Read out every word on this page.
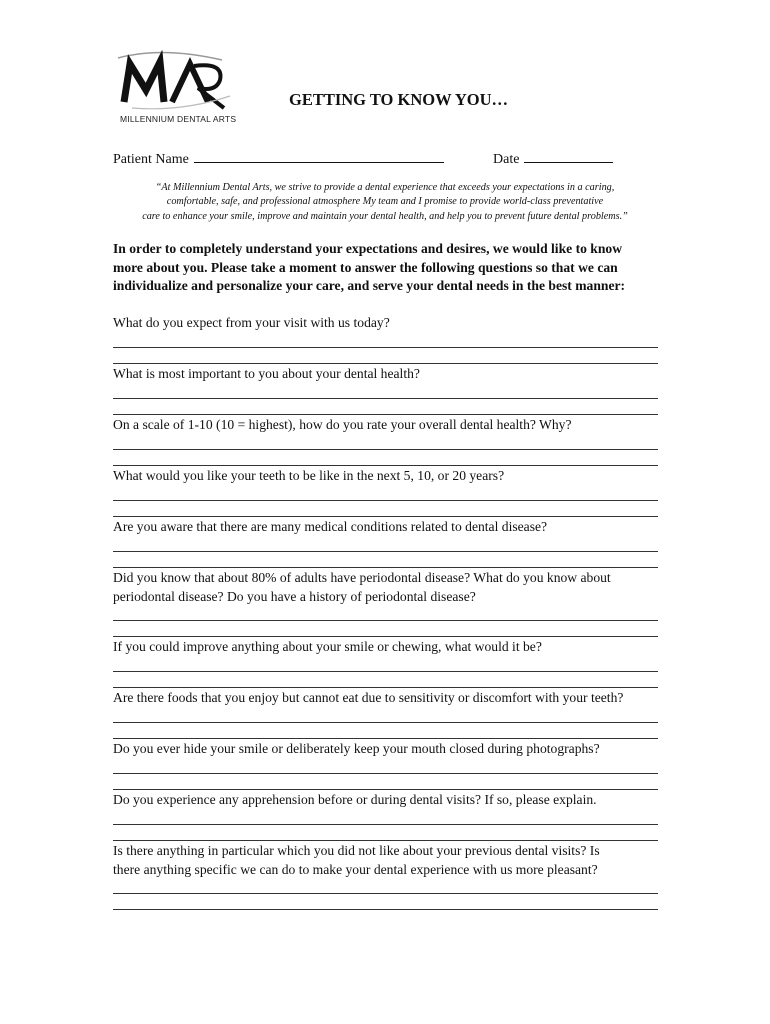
MILLENNIUM DENTAL ARTS
GETTING TO KNOW YOU…
Patient Name	Date
“At Millennium Dental Arts, we strive to provide a dental experience that exceeds your expectations in a caring,
comfortable, safe, and professional atmosphere My team and I promise to provide world-class preventative
care to enhance your smile, improve and maintain your dental health, and help you to prevent future dental problems.”
In order to completely understand your expectations and desires, we would like to know
more about you. Please take a moment to answer the following questions so that we can
individualize and personalize your care, and serve your dental needs in the best manner:
What do you expect from your visit with us today?
What is most important to you about your dental health?
On a scale of 1-10 (10 = highest), how do you rate your overall dental health? Why?
What would you like your teeth to be like in the next 5, 10, or 20 years?
Are you aware that there are many medical conditions related to dental disease?
Did you know that about 80% of adults have periodontal disease? What do you know about
periodontal disease? Do you have a history of periodontal disease?
If you could improve anything about your smile or chewing, what would it be?
Are there foods that you enjoy but cannot eat due to sensitivity or discomfort with your teeth?
Do you ever hide your smile or deliberately keep your mouth closed during photographs?
Do you experience any apprehension before or during dental visits? If so, please explain.
Is there anything in particular which you did not like about your previous dental visits? Is
there anything specific we can do to make your dental experience with us more pleasant?
